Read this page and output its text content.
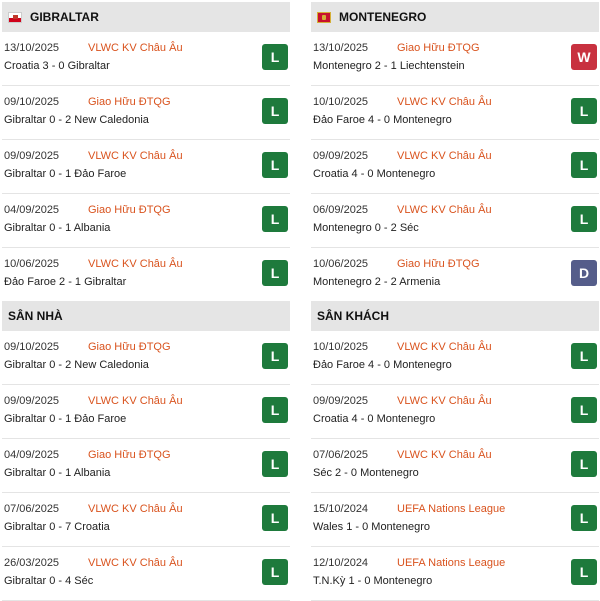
GIBRALTAR
13/10/2025	VLWC KV Châu Âu
Croatia 3 - 0 Gibraltar
L
09/10/2025	Giao Hữu ĐTQG
Gibraltar 0 - 2 New Caledonia
L
09/09/2025	VLWC KV Châu Âu
Gibraltar 0 - 1 Đảo Faroe
L
04/09/2025	Giao Hữu ĐTQG
Gibraltar 0 - 1 Albania
L
10/06/2025	VLWC KV Châu Âu
Đảo Faroe 2 - 1 Gibraltar
L
MONTENEGRO
13/10/2025	Giao Hữu ĐTQG
Montenegro 2 - 1 Liechtenstein
W
10/10/2025	VLWC KV Châu Âu
Đảo Faroe 4 - 0 Montenegro
L
09/09/2025	VLWC KV Châu Âu
Croatia 4 - 0 Montenegro
L
06/09/2025	VLWC KV Châu Âu
Montenegro 0 - 2 Séc
L
10/06/2025	Giao Hữu ĐTQG
Montenegro 2 - 2 Armenia
D
SÂN NHÀ
09/10/2025	Giao Hữu ĐTQG
Gibraltar 0 - 2 New Caledonia
L
09/09/2025	VLWC KV Châu Âu
Gibraltar 0 - 1 Đảo Faroe
L
04/09/2025	Giao Hữu ĐTQG
Gibraltar 0 - 1 Albania
L
07/06/2025	VLWC KV Châu Âu
Gibraltar 0 - 7 Croatia
L
26/03/2025	VLWC KV Châu Âu
Gibraltar 0 - 4 Séc
L
SÂN KHÁCH
10/10/2025	VLWC KV Châu Âu
Đảo Faroe 4 - 0 Montenegro
L
09/09/2025	VLWC KV Châu Âu
Croatia 4 - 0 Montenegro
L
07/06/2025	VLWC KV Châu Âu
Séc 2 - 0 Montenegro
L
15/10/2024	UEFA Nations League
Wales 1 - 0 Montenegro
L
12/10/2024	UEFA Nations League
T.N.Kỳ 1 - 0 Montenegro
L
